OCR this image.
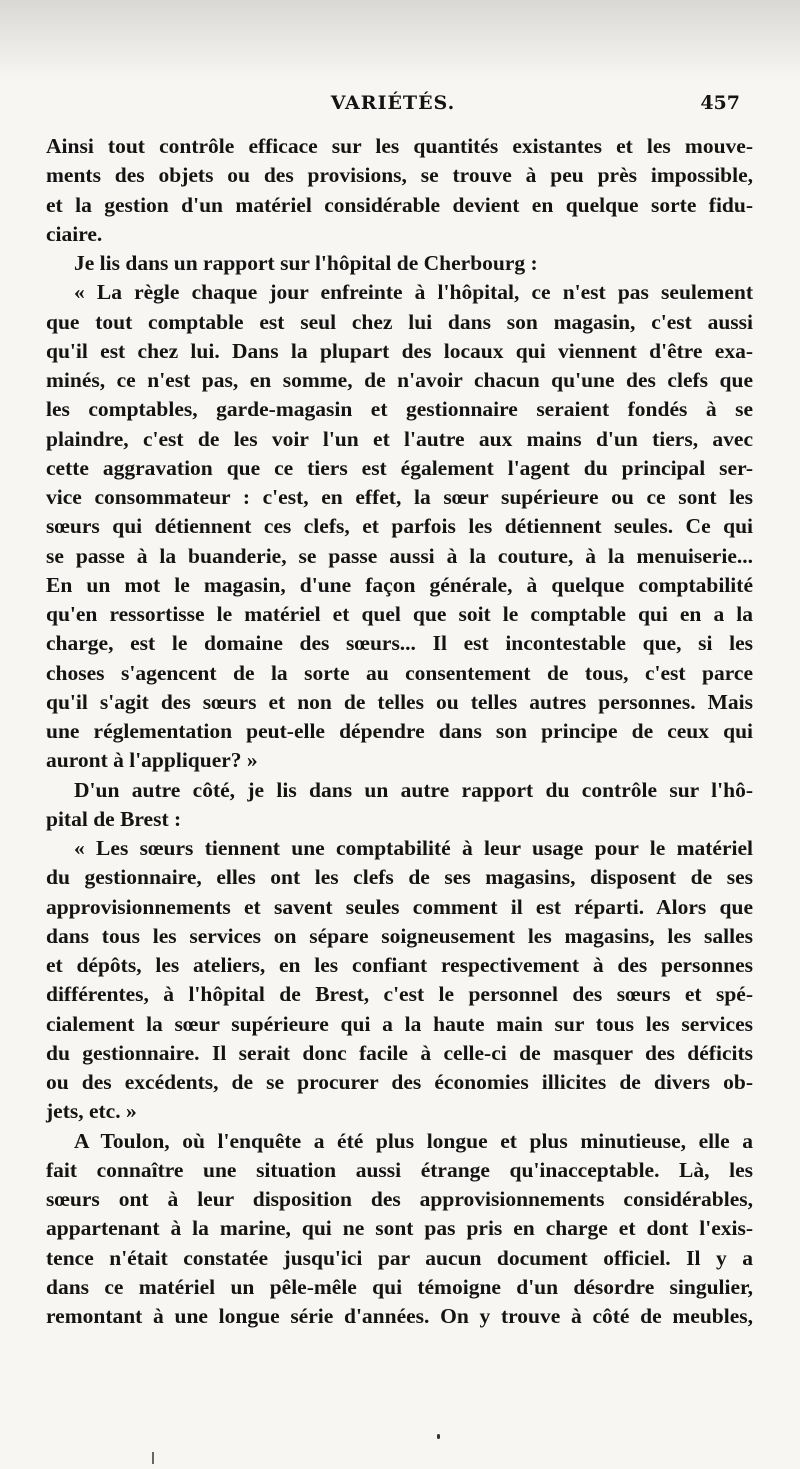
VARIÉTÉS.	457
Ainsi tout contrôle efficace sur les quantités existantes et les mouve-
ments des objets ou des provisions, se trouve à peu près impossible,
et la gestion d'un matériel considérable devient en quelque sorte fidu-
ciaire.
Je lis dans un rapport sur l'hôpital de Cherbourg :
« La règle chaque jour enfreinte à l'hôpital, ce n'est pas seulement
que tout comptable est seul chez lui dans son magasin, c'est aussi
qu'il est chez lui. Dans la plupart des locaux qui viennent d'être exa-
minés, ce n'est pas, en somme, de n'avoir chacun qu'une des clefs que
les comptables, garde-magasin et gestionnaire seraient fondés à se
plaindre, c'est de les voir l'un et l'autre aux mains d'un tiers, avec
cette aggravation que ce tiers est également l'agent du principal ser-
vice consommateur : c'est, en effet, la sœur supérieure ou ce sont les
sœurs qui détiennent ces clefs, et parfois les détiennent seules. Ce qui
se passe à la buanderie, se passe aussi à la couture, à la menuiserie...
En un mot le magasin, d'une façon générale, à quelque comptabilité
qu'en ressortisse le matériel et quel que soit le comptable qui en a la
charge, est le domaine des sœurs... Il est incontestable que, si les
choses s'agencent de la sorte au consentement de tous, c'est parce
qu'il s'agit des sœurs et non de telles ou telles autres personnes. Mais
une réglementation peut-elle dépendre dans son principe de ceux qui
auront à l'appliquer? »
D'un autre côté, je lis dans un autre rapport du contrôle sur l'hô-
pital de Brest :
« Les sœurs tiennent une comptabilité à leur usage pour le matériel
du gestionnaire, elles ont les clefs de ses magasins, disposent de ses
approvisionnements et savent seules comment il est réparti. Alors que
dans tous les services on sépare soigneusement les magasins, les salles
et dépôts, les ateliers, en les confiant respectivement à des personnes
différentes, à l'hôpital de Brest, c'est le personnel des sœurs et spé-
cialement la sœur supérieure qui a la haute main sur tous les services
du gestionnaire. Il serait donc facile à celle-ci de masquer des déficits
ou des excédents, de se procurer des économies illicites de divers ob-
jets, etc. »
A Toulon, où l'enquête a été plus longue et plus minutieuse, elle a
fait connaître une situation aussi étrange qu'inacceptable. Là, les
sœurs ont à leur disposition des approvisionnements considérables,
appartenant à la marine, qui ne sont pas pris en charge et dont l'exis-
tence n'était constatée jusqu'ici par aucun document officiel. Il y a
dans ce matériel un pêle-mêle qui témoigne d'un désordre singulier,
remontant à une longue série d'années. On y trouve à côté de meubles,
